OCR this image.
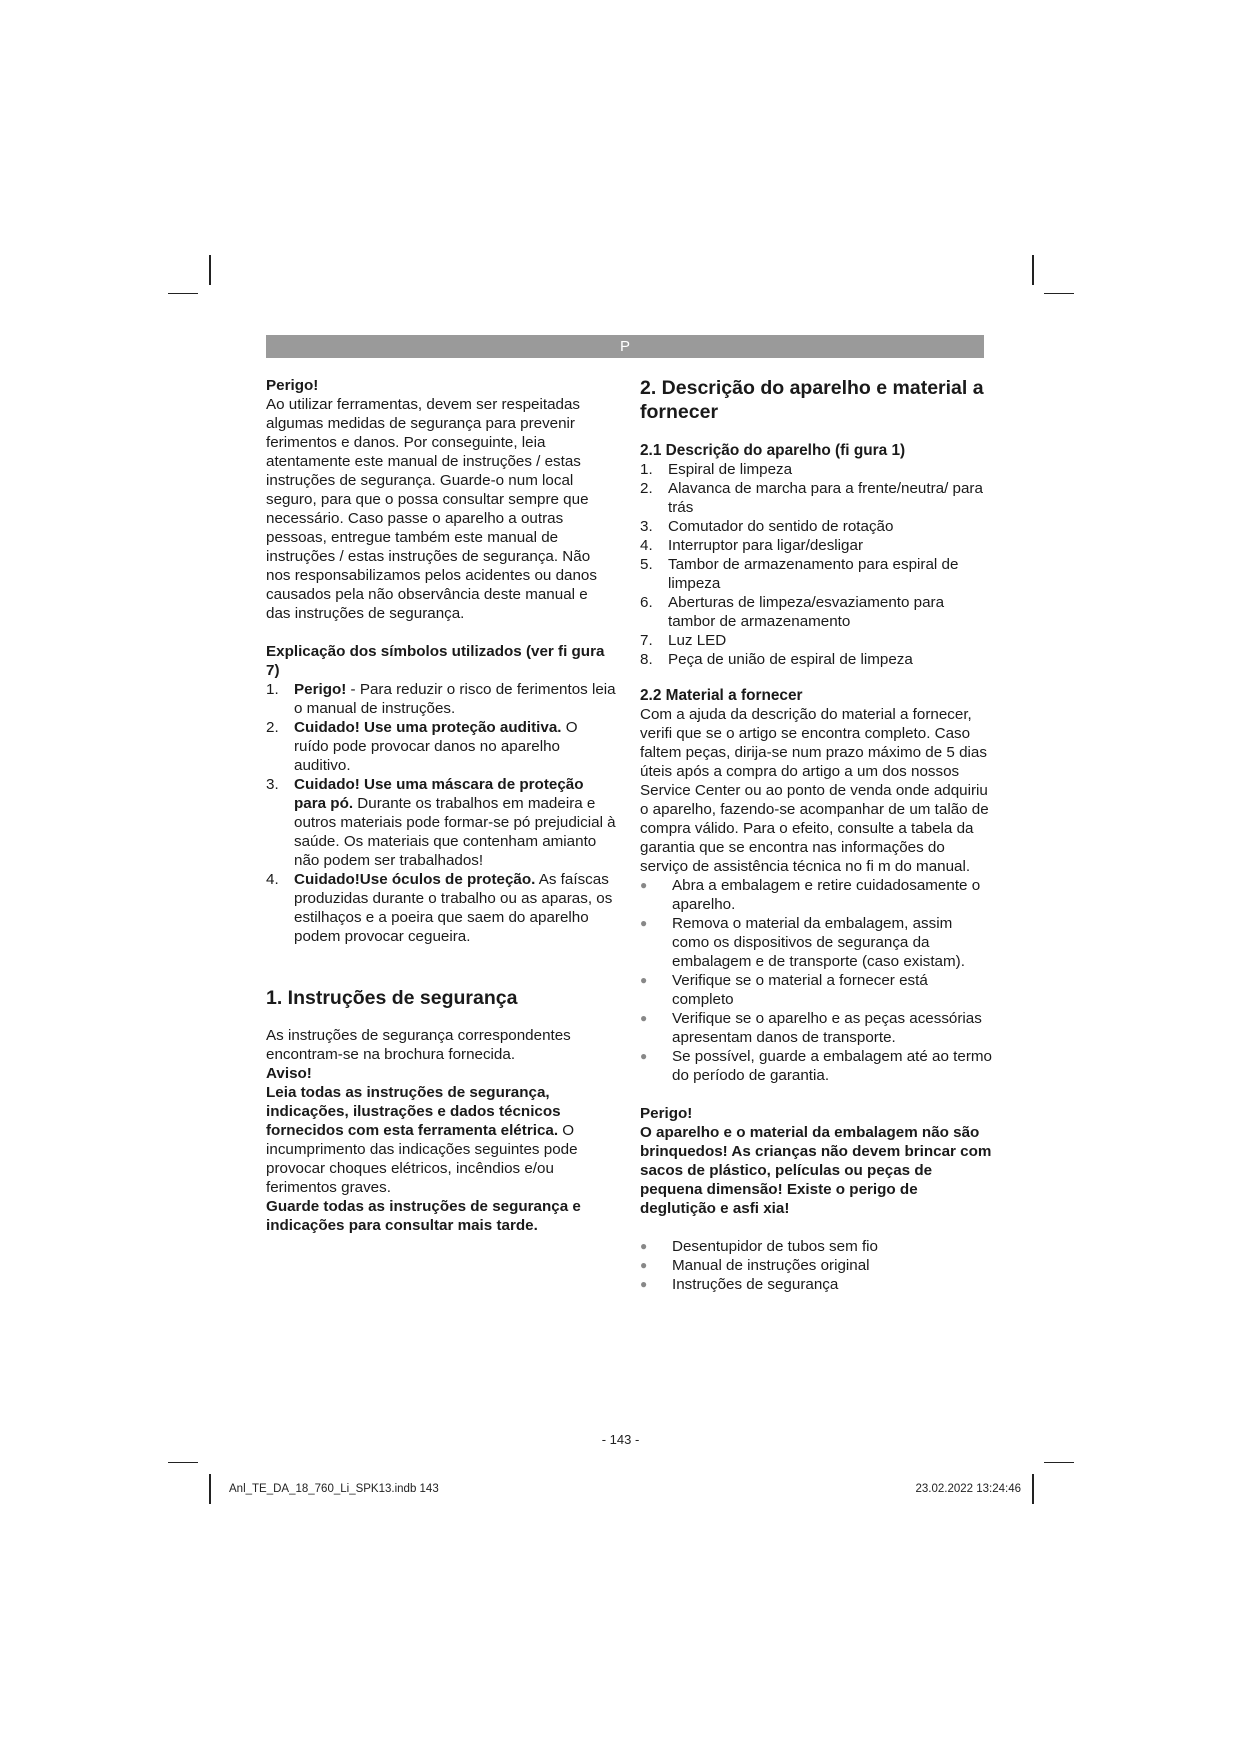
P

Perigo!

Ao utilizar ferramentas, devem ser respeitadas algumas medidas de segurança para prevenir ferimentos e danos. Por conseguinte, leia atentamente este manual de instruções / estas instruções de segurança. Guarde-o num local seguro, para que o possa consultar sempre que necessário. Caso passe o aparelho a outras pessoas, entregue também este manual de instruções / estas instruções de segurança. Não nos responsabilizamos pelos acidentes ou danos causados pela não observância deste manual e das instruções de segurança.

Explicação dos símbolos utilizados (ver fi gura 7)

1. Perigo! - Para reduzir o risco de ferimentos leia o manual de instruções.
2. Cuidado! Use uma proteção auditiva. O ruído pode provocar danos no aparelho auditivo.
3. Cuidado! Use uma máscara de proteção para pó. Durante os trabalhos em madeira e outros materiais pode formar-se pó prejudicial à saúde. Os materiais que contenham amianto não podem ser trabalhados!
4. Cuidado!Use óculos de proteção. As faíscas produzidas durante o trabalho ou as aparas, os estilhaços e a poeira que saem do aparelho podem provocar cegueira.

1. Instruções de segurança

As instruções de segurança correspondentes encontram-se na brochura fornecida.

Aviso!

Leia todas as instruções de segurança, indicações, ilustrações e dados técnicos fornecidos com esta ferramenta elétrica. O incumprimento das indicações seguintes pode provocar choques elétricos, incêndios e/ou ferimentos graves.

Guarde todas as instruções de segurança e indicações para consultar mais tarde.

2. Descrição do aparelho e material a fornecer

2.1 Descrição do aparelho (fi gura 1)

1. Espiral de limpeza
2. Alavanca de marcha para a frente/neutra/ para trás
3. Comutador do sentido de rotação
4. Interruptor para ligar/desligar
5. Tambor de armazenamento para espiral de limpeza
6. Aberturas de limpeza/esvaziamento para tambor de armazenamento
7. Luz LED
8. Peça de união de espiral de limpeza

2.2 Material a fornecer

Com a ajuda da descrição do material a fornecer, verifi que se o artigo se encontra completo. Caso faltem peças, dirija-se num prazo máximo de 5 dias úteis após a compra do artigo a um dos nossos Service Center ou ao ponto de venda onde adquiriu o aparelho, fazendo-se acompanhar de um talão de compra válido. Para o efeito, consulte a tabela da garantia que se encontra nas informações do serviço de assistência técnica no fi m do manual.

● Abra a embalagem e retire cuidadosamente o aparelho.
● Remova o material da embalagem, assim como os dispositivos de segurança da embalagem e de transporte (caso existam).
● Verifique se o material a fornecer está completo
● Verifique se o aparelho e as peças acessórias apresentam danos de transporte.
● Se possível, guarde a embalagem até ao termo do período de garantia.

Perigo!

O aparelho e o material da embalagem não são brinquedos! As crianças não devem brincar com sacos de plástico, películas ou peças de pequena dimensão! Existe o perigo de deglutição e asfi xia!

● Desentupidor de tubos sem fio
● Manual de instruções original
● Instruções de segurança
- 143 -
Anl_TE_DA_18_760_Li_SPK13.indb 143	23.02.2022 13:24:46
